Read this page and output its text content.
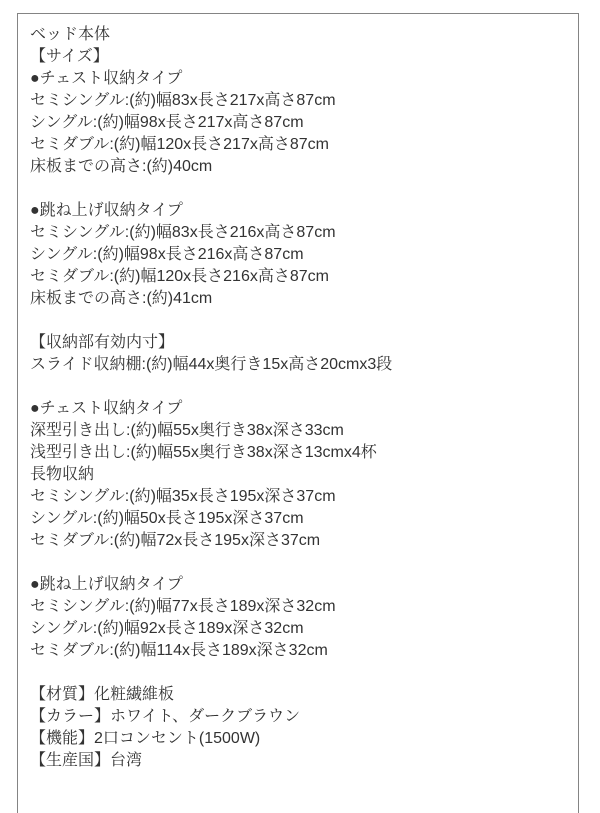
ベッド本体
【サイズ】
●チェスト収納タイプ
セミシングル:(約)幅83x長さ217x高さ87cm
シングル:(約)幅98x長さ217x高さ87cm
セミダブル:(約)幅120x長さ217x高さ87cm
床板までの高さ:(約)40cm
●跳ね上げ収納タイプ
セミシングル:(約)幅83x長さ216x高さ87cm
シングル:(約)幅98x長さ216x高さ87cm
セミダブル:(約)幅120x長さ216x高さ87cm
床板までの高さ:(約)41cm
【収納部有効内寸】
スライド収納棚:(約)幅44x奥行き15x高さ20cmx3段
●チェスト収納タイプ
深型引き出し:(約)幅55x奥行き38x深さ33cm
浅型引き出し:(約)幅55x奥行き38x深さ13cmx4杯
長物収納
セミシングル:(約)幅35x長さ195x深さ37cm
シングル:(約)幅50x長さ195x深さ37cm
セミダブル:(約)幅72x長さ195x深さ37cm
●跳ね上げ収納タイプ
セミシングル:(約)幅77x長さ189x深さ32cm
シングル:(約)幅92x長さ189x深さ32cm
セミダブル:(約)幅114x長さ189x深さ32cm
【材質】化粧繊維板
【カラー】ホワイト、ダークブラウン
【機能】2口コンセント(1500W)
【生産国】台湾
